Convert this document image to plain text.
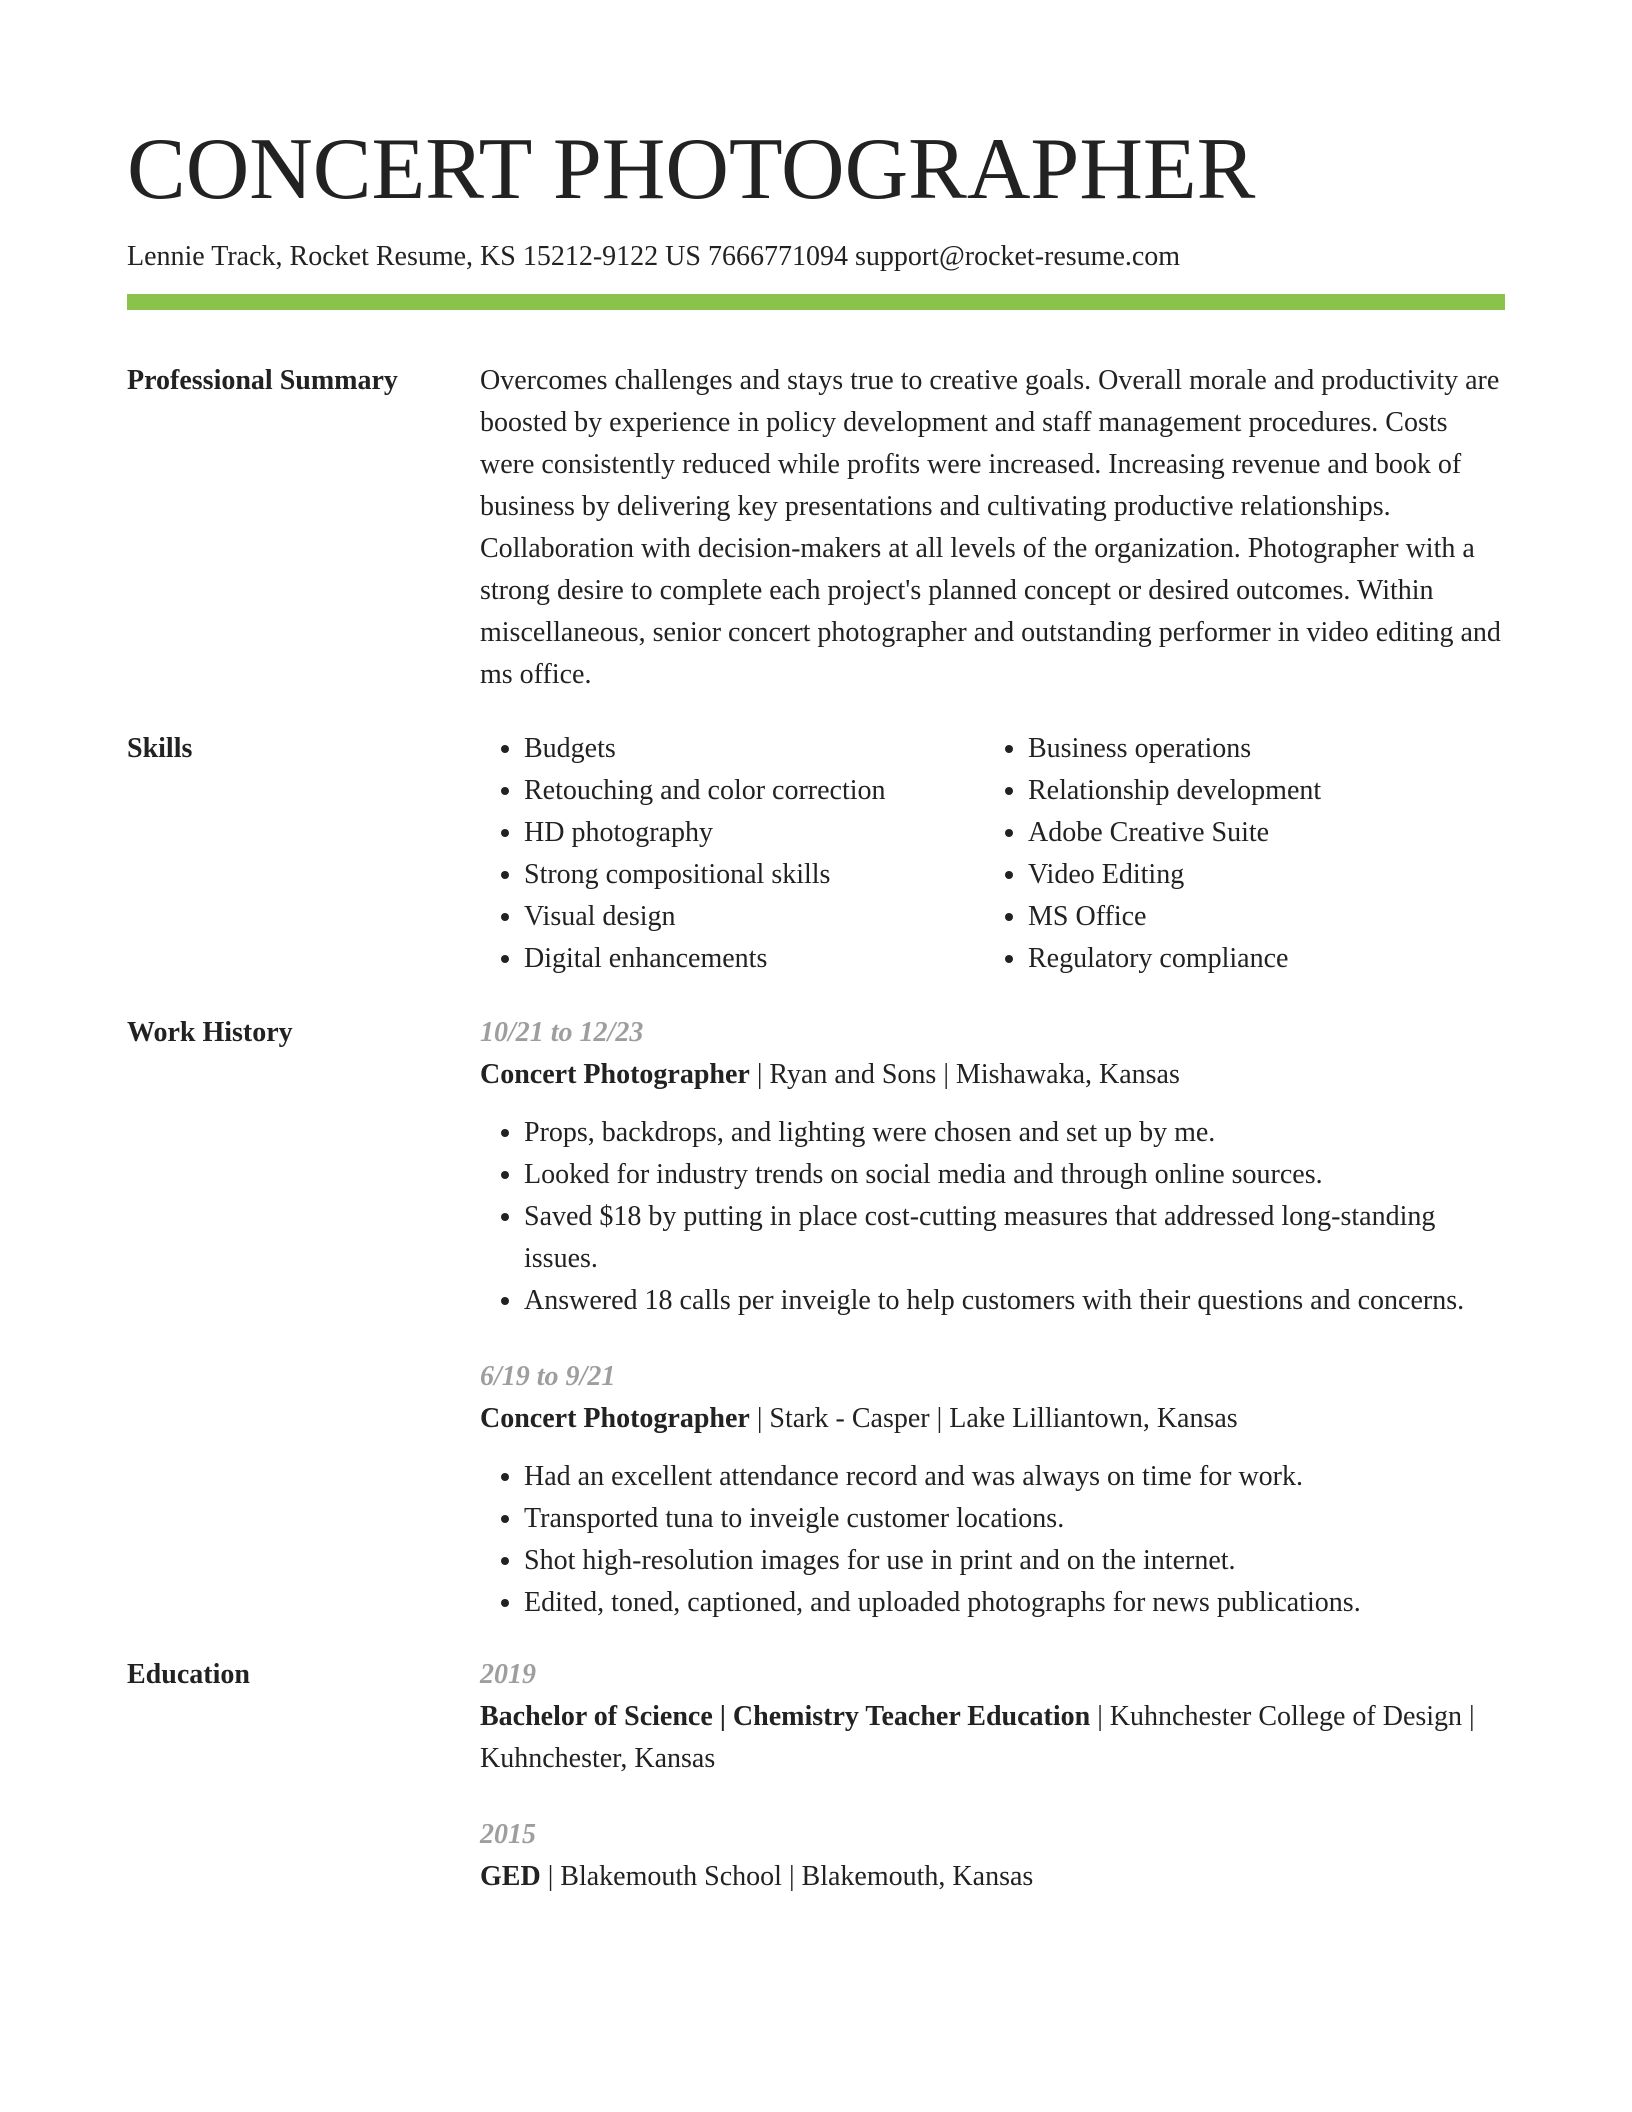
CONCERT PHOTOGRAPHER
Lennie Track, Rocket Resume, KS 15212-9122 US 7666771094 support@rocket-resume.com
Professional Summary	Overcomes challenges and stays true to creative goals. Overall morale and productivity are boosted by experience in policy development and staff management procedures. Costs were consistently reduced while profits were increased. Increasing revenue and book of business by delivering key presentations and cultivating productive relationships. Collaboration with decision-makers at all levels of the organization. Photographer with a strong desire to complete each project's planned concept or desired outcomes. Within miscellaneous, senior concert photographer and outstanding performer in video editing and ms office.
Skills
•	Budgets
• Retouching and color correction
• HD photography
• Strong compositional skills
• Visual design
• Digital enhancements
• Business operations
• Relationship development
• Adobe Creative Suite
• Video Editing
• MS Office
• Regulatory compliance
Work History	10/21 to 12/23
Concert Photographer | Ryan and Sons | Mishawaka, Kansas
• Props, backdrops, and lighting were chosen and set up by me.
• Looked for industry trends on social media and through online sources.
• Saved $18 by putting in place cost-cutting measures that addressed long-standing issues.
• Answered 18 calls per inveigle to help customers with their questions and concerns.
6/19 to 9/21
Concert Photographer | Stark - Casper | Lake Lilliantown, Kansas
• Had an excellent attendance record and was always on time for work.
• Transported tuna to inveigle customer locations.
• Shot high-resolution images for use in print and on the internet.
• Edited, toned, captioned, and uploaded photographs for news publications.
Education	2019
Bachelor of Science | Chemistry Teacher Education | Kuhnchester College of Design | Kuhnchester, Kansas
2015
GED | Blakemouth School | Blakemouth, Kansas
